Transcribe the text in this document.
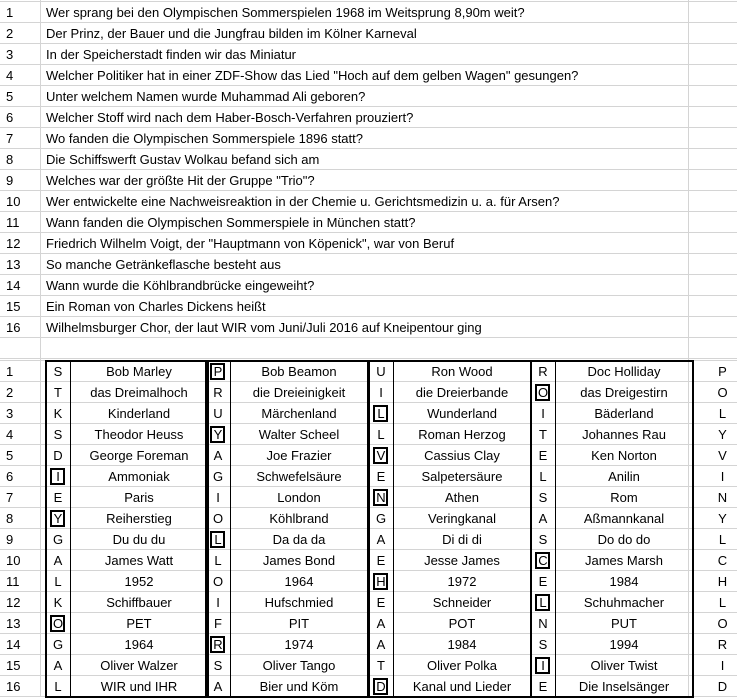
1	Wer sprang bei den Olympischen Sommerspielen 1968 im Weitsprung 8,90m weit?
2	Der Prinz, der Bauer und die Jungfrau bilden im Kölner Karneval
3	In der Speicherstadt finden wir das Miniatur
4	Welcher Politiker hat in einer ZDF-Show das Lied "Hoch auf dem gelben Wagen" gesungen?
5	Unter welchem Namen wurde Muhammad Ali geboren?
6	Welcher Stoff wird nach dem Haber-Bosch-Verfahren prouziert?
7	Wo fanden die Olympischen Sommerspiele 1896 statt?
8	Die Schiffswerft Gustav Wolkau befand sich am
9	Welches war der größte Hit der Gruppe "Trio"?
10	Wer entwickelte eine Nachweisreaktion in der Chemie u. Gerichtsmedizin u. a. für Arsen?
11	Wann fanden die Olympischen Sommerspiele in München statt?
12	Friedrich Wilhelm Voigt, der "Hauptmann von Köpenick", war von Beruf
13	So manche Getränkeflasche besteht aus
14	Wann wurde die Köhlbrandbrücke eingeweiht?
15	Ein Roman von Charles Dickens heißt
16	Wilhelmsburger Chor, der laut WIR vom Juni/Juli 2016 auf Kneipentour ging
1	S	Bob Marley	P	Bob Beamon	U	Ron Wood	R	Doc Holliday	P
2	T	das Dreimalhoch	R	die Dreieinigkeit	I	die Dreierbande	O	das Dreigestirn	O
3	K	Kinderland	U	Märchenland	L	Wunderland	I	Bäderland	L
4	S	Theodor Heuss	Y	Walter Scheel	L	Roman Herzog	T	Johannes Rau	Y
5	D	George Foreman	A	Joe Frazier	V	Cassius Clay	E	Ken Norton	V
6	I	Ammoniak	G	Schwefelsäure	E	Salpetersäure	L	Anilin	I
7	E	Paris	I	London	N	Athen	S	Rom	N
8	Y	Reiherstieg	O	Köhlbrand	G	Veringkanal	A	Aßmannkanal	Y
9	G	Du du du	L	Da da da	A	Di di di	S	Do do do	L
10	A	James Watt	L	James Bond	E	Jesse James	C	James Marsh	C
11	L	1952	O	1964	H	1972	E	1984	H
12	K	Schiffbauer	I	Hufschmied	E	Schneider	L	Schuhmacher	L
13	O	PET	F	PIT	A	POT	N	PUT	O
14	G	1964	R	1974	A	1984	S	1994	R
15	A	Oliver Walzer	S	Oliver Tango	T	Oliver Polka	I	Oliver Twist	I
16	L	WIR und IHR	A	Bier und Köm	D	Kanal und Lieder	E	Die Inselsänger	D
